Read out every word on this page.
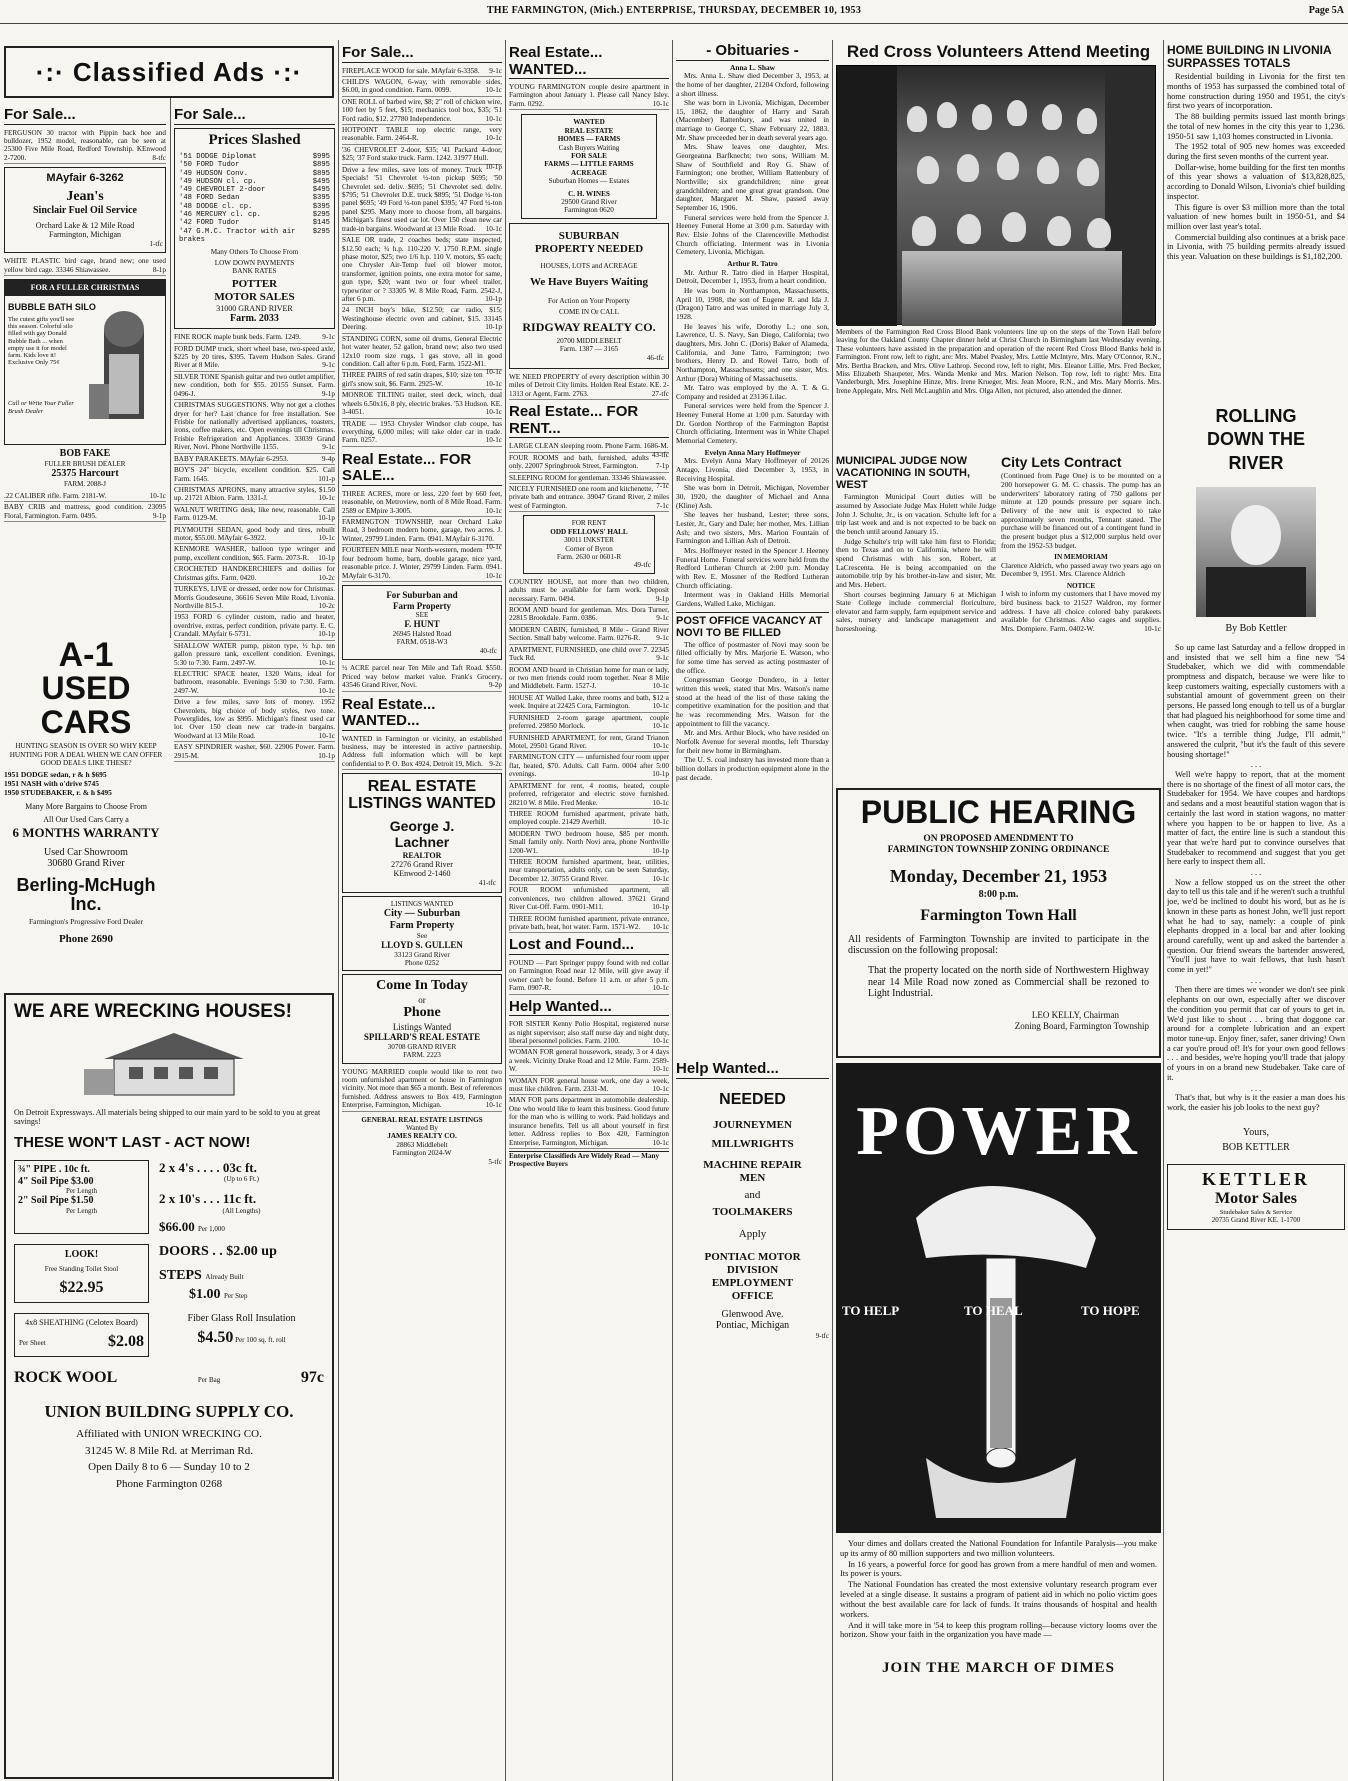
THE FARMINGTON, (Mich.) ENTERPRISE, THURSDAY, DECEMBER 10, 1953	Page 5A
·:· Classified Ads ·:·
For Sale...
FERGUSON 30 tractor with Pippin back hoe and bulldozer, 1952 model, reasonable, can be seen at 25300 Five Mile Road, Redford Township. KEnwood 2-7200.	8-tfc
MAyfair 6-3262
Jean's
Sinclair Fuel Oil Service
Orchard Lake & 12 Mile Road
Farmington, Michigan
1-tfc
WHITE PLASTIC bird cage, brand new; one used yellow bird cage. 33346 Shiawassee.	8-1p
FOR A FULLER CHRISTMAS
BUBBLE BATH SILO
The cutest gifts you'll see this season. Colorful silo filled with gay Donald Bubble Bath ... when empty use it for model farm. Kids love it! Exclusive Only 75¢
Call or Write Your Fuller Brush Dealer
BOB FAKE
FULLER BRUSH DEALER
25375 Harcourt
FARM. 2088-J
.22 CALIBER rifle. Farm. 2181-W.	10-1c
BABY CRIB and mattress, good condition. 23095 Floral, Farmington. Farm. 0495.	9-1p
A-1
USED CARS
HUNTING SEASON IS OVER SO WHY KEEP HUNTING FOR A DEAL WHEN WE CAN OFFER GOOD DEALS LIKE THESE?
1951 DODGE sedan, r & h $695
1951 NASH with o'drive $745
1950 STUDEBAKER, r. & h $495
Many More Bargains to Choose From
All Our Used Cars Carry a
6 MONTHS WARRANTY
Used Car Showroom
30680 Grand River
Berling-McHugh Inc.
Farmington's Progressive Ford Dealer
Phone 2690
For Sale...
Prices Slashed
'51 DODGE Diplomat	$995
'50 FORD Tudor	$895
'49 HUDSON Conv.	$895
'49 HUDSON cl. cp.	$495
'49 CHEVROLET 2-door	$495
'48 FORD Sedan	$395
'48 DODGE cl. cp.	$395
'46 MERCURY cl. cp.	$295
'42 FORD Tudor	$145
'47 G.M.C. Tractor with air brakes
$295
Many Others To Choose From
LOW DOWN PAYMENTS
BANK RATES
POTTER
MOTOR SALES
31000 GRAND RIVER
Farm. 2033
FINE ROCK maple bunk beds. Farm. 1249.	9-1c
FORD DUMP truck, short wheel base, two-speed axle, $225 by 20 tires, $395. Tavern Hudson Sales. Grand River at 8 Mile.	9-1c
SILVER TONE Spanish guitar and two outlet amplifier, new condition, both for $55. 20155 Sunset. Farm. 0496-J.	9-1p
CHRISTMAS SUGGESTIONS. Why not get a clothes dryer for her? Last chance for free installation. See Frisbie for nationally advertised appliances, toasters, irons, coffee makers, etc. Open evenings till Christmas. Frisbie Refrigeration and Appliances. 33039 Grand River, Novi. Phone Northville 1155.	9-1c
BABY PARAKEETS. MAyfair 6-2953.	9-4p
BOY'S 24" bicycle, excellent condition. $25. Call Farm. 1645.	101-p
CHRISTMAS APRONS, many attractive styles, $1.50 up. 21721 Albion. Farm. 1331-J.	10-1c
WALNUT WRITING desk, like new, reasonable. Call Farm. 0129-M.	10-1p
PLYMOUTH SEDAN, good body and tires, rebuilt motor, $55.00. MAyfair 6-3922.	10-1c
KENMORE WASHER, balloon type wringer and pump, excellent condition, $65. Farm. 2073-R. 10-1p
CROCHETED HANDKERCHIEFS and doilies for Christmas gifts. Farm. 0420.	10-2c
TURKEYS, LIVE or dressed, order now for Christmas. Morris Goudeseune, 36616 Seven Mile Road, Livonia. Northville 815-J.	10-2c
1953 FORD 6 cylinder custom, radio and heater, overdrive, extras, perfect condition, private party. E. C. Crandall. MAyfair 6-5731.	10-1p
SHALLOW WATER pump, piston type, ½ h.p. ten gallon pressure tank, excellent condition. Evenings, 5:30 to 7:30. Farm. 2497-W.	10-1c
ELECTRIC SPACE heater, 1320 Watts, ideal for bathroom, reasonable. Evenings 5:30 to 7:30. Farm. 2497-W.	10-1c
Drive a few miles, save lots of money. 1952 Chevrolets, big choice of body styles, two tone. Powerglides, low as $995. Michigan's finest used car lot. Over 150 clean new car trade-in bargains. Woodward at 13 Mile Road.	10-1c
EASY SPINDRIER washer, $60. 22906 Power. Farm. 2915-M.	10-1p
For Sale...
FIREPLACE WOOD for sale. MAyfair 6-3358. 9-1c
CHILD'S WAGON, 6-way, with removable sides, $6.00, in good condition. Farm. 0099.	10-1c
ONE ROLL of barbed wire, $8; 2" roll of chicken wire, 100 feet by 5 feet, $15; mechanics tool box, $35; '51 Ford radio, $12. 27780 Independence.	10-1c
HOTPOINT TABLE top electric range, very reasonable. Farm. 2464-R.	10-1c
'36 CHEVROLET 2-door, $35; '41 Packard 4-door, $25; '37 Ford stake truck. Farm. 1242. 31977 Hull.
10-1p
Drive a few miles, save lots of money. Truck Specials! '51 Chevrolet ½-ton pickup $695; '50 Chevrolet sed. deliv. $695; '51 Chevrolet sed. deliv. $795; '51 Chevrolet D.E. truck $895; '51 Dodge ½-ton panel $695; '49 Ford ½-ton panel $395; '47 Ford ½-ton panel $295. Many more to choose from, all bargains. Michigan's finest used car lot. Over 150 clean new car trade-in bargains. Woodward at 13 Mile Road. 10-1c
SALE OR trade, 2 coaches beds; state inspected, $12.50 each; ¾ h.p. 110-220 V. 1750 R.P.M. single phase motor, $25; two 1/6 h.p. 110 V. motors, $5 each; one Chrysler Air-Temp fuel oil blower motor, transformer, ignition points, one extra motor for same, gun type, $20; want two or four wheel trailer, typewriter or ? 33305 W. 8 Mile Road, Farm. 2542-J, after 6 p.m.	10-1p
24 INCH boy's bike, $12.50; car radio, $15; Westinghouse electric oven and cabinet, $15. 33145 Deering.	10-1p
STANDING CORN, some oil drums, General Electric hot water heater, 52 gallon, brand new; also two used 12x10 room size rugs, 1 gas stove, all in good condition. Call after 6 p.m. Ford, Farm. 1522-M1.
10-1c
THREE PAIRS of red satin drapes, $10; size ten girl's snow suit, $6. Farm. 2925-W.	10-1c
MONROE TILTING trailer, steel deck, winch, dual wheels 6.50x16, 8 ply, electric brakes. '53 Hudson. KE. 3-4051.	10-1c
TRADE — 1953 Chrysler Windsor club coupe, has everything, 6,000 miles; will take older car in trade. Farm. 0257.	10-1c
Real Estate... FOR SALE...
THREE ACRES, more or less, 220 feet by 660 feet, reasonable, on Metroview, north of 8 Mile Road. Farm. 2589 or EMpire 3-3005.	10-1c
FARMINGTON TOWNSHIP, near Orchard Lake Road, 3 bedroom modern home, garage, two acres. J. Winter, 29799 Linden. Farm. 0941. MAyfair 6-3170.
10-1c
FOURTEEN MILE near North-western, modern four bedroom home, barn, double garage, nice yard, reasonable price. J. Winter, 29799 Linden. Farm. 0941. MAyfair 6-3170.	10-1c
For Suburban and
Farm Property
SEE
F. HUNT
26945 Halsted Road
FARM. 0518-W3
40-tfc
½ ACRE parcel near Ten Mile and Taft Road. $550. Priced way below market value. Frank's Grocery, 43546 Grand River, Novi.	9-2p
Real Estate... WANTED...
WANTED in Farmington or vicinity, an established business, may be interested in active partnership. Address full information which will be kept confidential to P. O. Box 4924, Detroit 19, Mich. 9-2c
REAL ESTATE LISTINGS WANTED
George J.
Lachner
REALTOR
27276 Grand River
KEnwood 2-1460
41-tfc
LISTINGS WANTED
City — Suburban
Farm Property
See
LLOYD S. GULLEN
33123 Grand River
Phone 0252
Come In Today
or
Phone
Listings Wanted
SPILLARD'S REAL ESTATE
30708 GRAND RIVER
FARM. 2223
YOUNG MARRIED couple would like to rent two room unfurnished apartment or house in Farmington vicinity. Not more than $65 a month. Best of references furnished. Address answers to Box 419, Farmington Enterprise, Farmington, Michigan.	10-1c
GENERAL REAL ESTATE LISTINGS
Wanted By
JAMES REALTY CO.
28863 Middlebelt
Farmington 2024-W
5-tfc
Real Estate... WANTED...
YOUNG FARMINGTON couple desire apartment in Farmington about January 1. Please call Nancy Isley. Farm. 0292.	10-1c
WANTED
REAL ESTATE
HOMES — FARMS
Cash Buyers Waiting
FOR SALE
FARMS — LITTLE FARMS
ACREAGE
Suburban Homes — Estates
C. H. WINES
29500 Grand River
Farmington 0620
SUBURBAN
PROPERTY NEEDED
HOUSES, LOTS and ACREAGE
We Have Buyers Waiting
For Action on Your Property
COME IN Or CALL
RIDGWAY REALTY CO.
20700 MIDDLEBELT
Farm. 1387 — 3165
46-tfc
WE NEED PROPERTY of every description within 30 miles of Detroit City limits. Holden Real Estate. KE. 2-1313 or Agent, Farm. 2763.	27-tfc
Real Estate... FOR RENT...
LARGE CLEAN sleeping room. Phone Farm. 1686-M.
43-tfc
FOUR ROOMS and bath, furnished, adults only. 22007 Springbrook Street, Farmington. 7-1p
SLEEPING ROOM for gentleman. 33346 Shiawassee.
7-1c
NICELY FURNISHED one room and kitchenette, private bath and entrance. 39047 Grand River, 2 miles west of Farmington.	7-1c
FOR RENT
ODD FELLOWS' HALL
30011 INKSTER
Corner of Byron
Farm. 2630 or 0601-R
49-tfc
COUNTRY HOUSE, not more than two children, adults must be available for farm work. Deposit necessary. Farm. 0494.	9-1p
ROOM AND board for gentleman. Mrs. Dora Turner, 22815 Brookdale. Farm. 0386.	9-1c
MODERN CABIN, furnished, 8 Mile - Grand River Section. Small baby welcome. Farm. 0276-R. 9-1c
APARTMENT, FURNISHED, one child over 7. 22345 Tuck Rd.	9-1c
ROOM AND board in Christian home for man or lady, or two men friends could room together. Near 8 Mile and Middlebelt. Farm. 1527-J.	10-1c
HOUSE AT Walled Lake, three rooms and bath, $12 a week. Inquire at 22425 Cora, Farmington.	10-1c
FURNISHED 2-room garage apartment, couple preferred. 29850 Morlock.	10-1c
FURNISHED APARTMENT, for rent, Grand Trianon Motel, 29501 Grand River.	10-1c
FARMINGTON CITY — unfurnished four room upper flat, heated, $70. Adults. Call Farm. 0004 after 5:00 evenings.	10-1p
APARTMENT for rent, 4 rooms, heated, couple preferred, refrigerator and electric stove furnished. 28210 W. 8 Mile. Fred Menke.	10-1c
THREE ROOM furnished apartment, private bath, employed couple. 21429 Averhill.	10-1c
MODERN TWO bedroom house, $85 per month. Small family only. North Novi area, phone Northville 1200-W1.	10-1p
THREE ROOM furnished apartment, heat, utilities, near transportation, adults only, can be seen Saturday, December 12. 30755 Grand River.	10-1c
FOUR ROOM unfurnished apartment, all conveniences, two children allowed. 37621 Grand River Cut-Off. Farm. 0901-M11.	10-1p
THREE ROOM furnished apartment, private entrance, private bath, heat, hot water. Farm. 1571-W2. 10-1c
Lost and Found...
FOUND — Part Springer puppy found with red collar on Farmington Road near 12 Mile, will give away if owner can't be found. Before 11 a.m. or after 5 p.m. Farm. 0907-R.	10-1c
Help Wanted...
FOR SISTER Kenny Polio Hospital, registered nurse as night supervisor; also staff nurse day and night duty, liberal personnel policies. Farm. 2100.	10-1c
WOMAN FOR general housework, steady, 3 or 4 days a week. Vicinity Drake Road and 12 Mile. Farm. 2589-W.	10-1c
WOMAN FOR general house work, one day a week, must like children. Farm. 2331-M.	10-1c
MAN FOR parts department in automobile dealership. One who would like to learn this business. Good future for the man who is willing to work. Paid holidays and insurance benefits. Tell us all about yourself in first letter. Address replies to Box 420, Farmington Enterprise, Farmington, Michigan.	10-1c
Enterprise Classifieds Are Widely Read — Many Prospective Buyers
- Obituaries -
Anna L. Shaw

Mrs. Anna L. Shaw died December 3, 1953, at the home of her daughter, 21204 Oxford, following a short illness.

She was born in Livonia, Michigan, December 15, 1862, the daughter of Harry and Sarah (Macomber) Rattenbury, and was united in marriage to George C. Shaw February 22, 1883. Mr. Shaw preceeded her in death several years ago.

Mrs. Shaw leaves one daughter, Mrs. Georgeanna Barfknecht; two sons, William M. Shaw of Southfield and Roy G. Shaw of Farmington; one brother, William Rattenbury of Northville; six grandchildren; nine great grandchildren; and one great great grandson. One daughter, Margaret M. Shaw, passed away September 16, 1906.

Funeral services were held from the Spencer J. Heeney Funeral Home at 3:00 p.m. Saturday with Rev. Elsie Johns of the Clarenceville Methodist Church officiating. Interment was in Livonia Cemetery, Livonia, Michigan.

Arthur R. Tatro

Mr. Arthur R. Tatro died in Harper Hospital, Detroit, December 1, 1953, from a heart condition.

He was born in Northampton, Massachusetts, April 10, 1908, the son of Eugene R. and Ida J. (Dragon) Tatro and was united in marriage July 3, 1928.

He leaves his wife, Dorothy L.; one son, Lawrence, U. S. Navy, San Diego, California; two daughters, Mrs. John C. (Doris) Baker of Alameda, California, and June Tatro, Farmington; two brothers, Henry D. and Rowel Tatro, both of Northampton, Massachusetts; and one sister, Mrs. Arthur (Dora) Whiting of Massachusetts.

Mr. Tatro was employed by the A. T. & G. Company and resided at 23136 Lilac.

Funeral services were held from the Spencer J. Heeney Funeral Home at 1:00 p.m. Saturday with Dr. Gordon Northrop of the Farmington Baptist Church officiating. Interment was in White Chapel Memorial Cemetery.

Evelyn Anna Mary Hoffmeyer

Mrs. Evelyn Anna Mary Hoffmeyer of 20126 Antago, Livonia, died December 3, 1953, in Receiving Hospital.

She was born in Detroit, Michigan, November 30, 1920, the daughter of Michael and Anna (Kline) Ash.

She leaves her husband, Lester; three sons, Lester, Jr., Gary and Dale; her mother, Mrs. Lillian Ash; and two sisters, Mrs. Marion Fountain of Farmington and Lillian Ash of Detroit.

Mrs. Hoffmeyer rested in the Spencer J. Heeney Funeral Home. Funeral services were held from the Redford Lutheran Church at 2:00 p.m. Monday with Rev. E. Mossner of the Redford Lutheran Church officiating.

Interment was in Oakland Hills Memorial Gardens, Walled Lake, Michigan.

POST OFFICE VACANCY AT NOVI TO BE FILLED

The office of postmaster of Novi may soon be filled officially by Mrs. Marjorie E. Watson, who for some time has served as acting postmaster of the office.

Congressman George Dondero, in a letter written this week, stated that Mrs. Watson's name stood at the head of the list of those taking the competitive examination for the position and that he was recommending Mrs. Watson for the appointment to fill the vacancy.

Mr. and Mrs. Arthur Block, who have resided on Norfolk Avenue for several months, left Thursday for their new home in Birmingham.

The U. S. coal industry has invested more than a billion dollars in production equipment alone in the past decade.

Red Cross Volunteers Attend Meeting
Members of the Farmington Red Cross Blood Bank volunteers line up on the steps of the Town Hall before leaving for the Oakland County Chapter dinner held at Christ Church in Birmingham last Wednesday evening. These volunteers have assisted in the preparation and operation of the recent Red Cross Blood Banks held in Farmington. Front row, left to right, are: Mrs. Mabel Peasley, Mrs. Lettie McIntyre, Mrs. Mary O'Connor, R.N., Mrs. Bertha Bracken, and Mrs. Olive Lathrop. Second row, left to right, Mrs. Eleanor Lillie, Mrs. Fred Becker, Miss Elizabeth Shaupeter, Mrs. Wanda Menke and Mrs. Marion Nelson. Top row, left to right: Mrs. Etta Vanderburgh, Mrs. Josephine Hinze, Mrs. Irene Krueger, Mrs. Jean Moore, R.N., and Mrs. Mary Morris. Mrs. Irene Applegate, Mrs. Nell McLaughlin and Mrs. Olga Allen, not pictured, also attended the dinner.
MUNICIPAL JUDGE NOW VACATIONING IN SOUTH, WEST

Farmington Municipal Court duties will be assumed by Associate Judge Max Hulett while Judge John J. Schulte, Jr., is on vacation. Schulte left for a trip last week and and is not expected to be back on the bench until around January 15.

Judge Schulte's trip will take him first to Florida; then to Texas and on to California, where he will spend Christmas with his son, Robert, at LaCrescenta. He is being accompanied on the automobile trip by his brother-in-law and sister, Mr. and Mrs. Hebert.

Short courses beginning January 6 at Michigan State College include commercial floriculture, elevator and farm supply, farm equipment service and sales, nursery and landscape management and horseshoeing.

City Lets Contract
(Continued from Page One) is to be mounted on a 200 horsepower G. M. C. chassis. The pump has an underwriters' laboratory rating of 750 gallons per minute at 120 pounds pressure per square inch. Delivery of the new unit is expected to take approximately seven months, Tennant stated. The purchase will be financed out of a contingent fund in the present budget plus a $12,000 surplus held over from the 1952-53 budget.
IN MEMORIAM
Clarence Aldrich, who passed away two years ago on December 9, 1951. Mrs. Clarence Aldrich
NOTICE
I wish to inform my customers that I have moved my bird business back to 21527 Waldron, my former address. I have all choice colored baby parakeets available for Christmas. Also cages and supplies. Mrs. Dompiere. Farm. 0402-W.	10-1c
PUBLIC HEARING
ON PROPOSED AMENDMENT TO
FARMINGTON TOWNSHIP ZONING ORDINANCE
Monday, December 21, 1953
8:00 p.m.
Farmington Town Hall
All residents of Farmington Township are invited to participate in the discussion on the following proposal:
That the property located on the north side of Northwestern Highway near 14 Mile Road now zoned as Commercial shall be rezoned to Light Industrial.
LEO KELLY, Chairman
Zoning Board, Farmington Township
POWER
TO HELP	TO HEAL	TO HOPE

Your dimes and dollars created the National Foundation for Infantile Paralysis—you make up its army of 80 million supporters and two million volunteers.

In 16 years, a powerful force for good has grown from a mere handful of men and women. Its power is yours.

The National Foundation has created the most extensive voluntary research program ever leveled at a single disease. It sustains a program of patient aid in which no polio victim goes without the best available care for lack of funds. It trains thousands of hospital and health workers.

And it will take more in '54 to keep this program rolling—because victory looms over the horizon. Show your faith in the organization you have made —

JOIN THE MARCH OF DIMES
Help Wanted...
NEEDED
JOURNEYMEN
MILLWRIGHTS
MACHINE REPAIR
MEN
and
TOOLMAKERS
Apply
PONTIAC MOTOR
DIVISION
EMPLOYMENT
OFFICE
Glenwood Ave.
Pontiac, Michigan
9-tfc
HOME BUILDING IN LIVONIA SURPASSES TOTALS

Residential building in Livonia for the first ten months of 1953 has surpassed the combined total of home construction during 1950 and 1951, the city's first two years of incorporation.

The 88 building permits issued last month brings the total of new homes in the city this year to 1,236. 1950-51 saw 1,103 homes constructed in Livonia.

The 1952 total of 905 new homes was exceeded during the first seven months of the current year.

Dollar-wise, home building for the first ten months of this year shows a valuation of $13,828,825, according to Donald Wilson, Livonia's chief building inspector.

This figure is over $3 million more than the total valuation of new homes built in 1950-51, and $4 million over last year's total.

Commercial building also continues at a brisk pace in Livonia, with 75 building permits already issued this year. Valuation on these buildings is $1,182,200.

ROLLING
DOWN THE
RIVER
By Bob Kettler

So up came last Saturday and a fellow dropped in and insisted that we sell him a fine new '54 Studebaker, which we did with commendable promptness and dispatch, because we were like to keep customers waiting, especially customers with a substantial amount of government green on their persons. He passed long enough to tell us of a burglar that had plagued his neighborhood for some time and when caught, was tried for robbing the same house twice. "It's a terrible thing Judge, I'll admit," answered the culprit, "but it's the fault of this severe housing shortage!"

. . .

Well we're happy to report, that at the moment there is no shortage of the finest of all motor cars, the Studebaker for 1954. We have coupes and hardtops and sedans and a most beautiful station wagon that is certainly the last word in station wagons, no matter where you happen to be or happen to live. As a matter of fact, the entire line is such a standout this year that we're hard put to convince ourselves that Studebaker to recommend and suggest that you get here early to inspect them all.

. . .

Now a fellow stopped us on the street the other day to tell us this tale and if he weren't such a truthful joe, we'd be inclined to doubt his word, but as he is known in these parts as honest John, we'll just report what he had to say, namely: a couple of pink elephants dropped in a local bar and after looking around carefully, went up and asked the bartender a question. Our friend swears the bartender answered, "You'll just have to wait fellows, that lush hasn't come in yet!"

. . .

Then there are times we wonder we don't see pink elephants on our own, especially after we discover the condition you permit that car of yours to get in. We'd just like to shout . . . bring that doggone car around for a complete lubrication and an expert motor tune-up. Enjoy finer, safer, saner driving! Own a car you're proud of! It's for your own good fellows . . . and besides, we're hoping you'll trade that jalopy of yours in on a brand new Studebaker. Take care of it.

. . .

That's that, but why is it the easier a man does his work, the easier his job looks to the next guy?

Yours,
BOB KETTLER
KETTLER
Motor Sales
Studebaker Sales & Service
20735 Grand River KE. 1-1700
WE ARE WRECKING HOUSES!
On Detroit Expressways. All materials being shipped to our main yard to be sold to you at great savings!
THESE WON'T LAST - ACT NOW!
¾" PIPE . 10c ft.
4" Soil Pipe $3.00
Per Length
2" Soil Pipe $1.50
Per Length
2 x 4's . . . . 03c ft.
(Up to 6 Ft.)
2 x 10's . . . 11c ft.
(All Lengths)
$66.00 Per 1,000
LOOK!
Free Standing Toilet Stool
$22.95
DOORS . . $2.00 up
STEPS Already Built
$1.00 Per Step
4x8 SHEATHING (Celotex Board)
Per Sheet	$2.08
Fiber Glass Roll Insulation
$4.50 Per 100 sq. ft. roll
ROCK WOOL	Per Bag	97c
UNION BUILDING SUPPLY CO.
Affiliated with UNION WRECKING CO.
31245 W. 8 Mile Rd. at Merriman Rd.
Open Daily 8 to 6 — Sunday 10 to 2
Phone Farmington 0268
